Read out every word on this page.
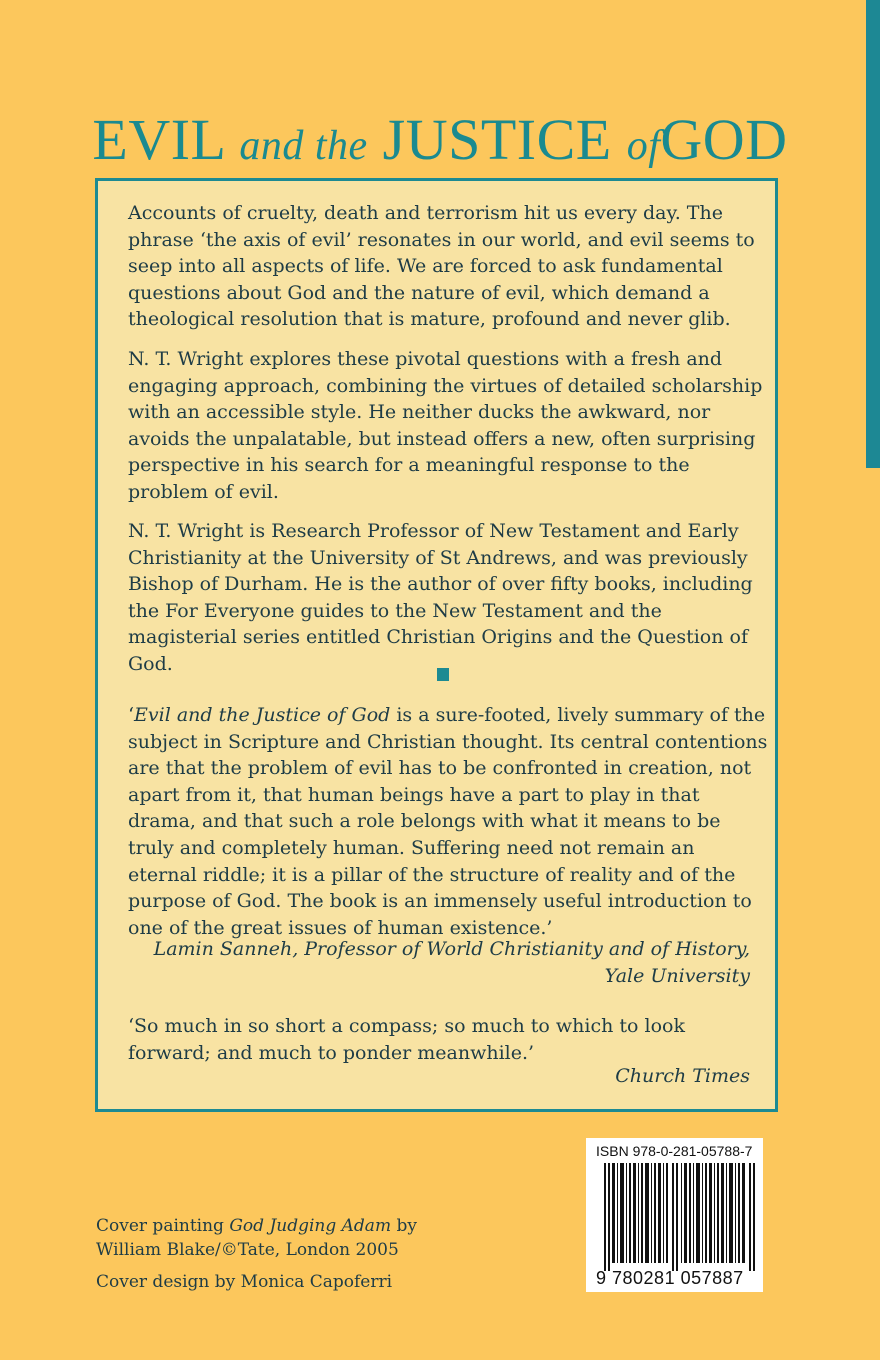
EVIL and the JUSTICE ofGOD

Accounts of cruelty, death and terrorism hit us every day. The phrase ‘the axis of evil’ resonates in our world, and evil seems to seep into all aspects of life. We are forced to ask fundamental questions about God and the nature of evil, which demand a theological resolution that is mature, profound and never glib.

N. T. Wright explores these pivotal questions with a fresh and engaging approach, combining the virtues of detailed scholarship with an accessible style. He neither ducks the awkward, nor avoids the unpalatable, but instead offers a new, often surprising perspective in his search for a meaningful response to the problem of evil.

N. T. Wright is Research Professor of New Testament and Early Christianity at the University of St Andrews, and was previously Bishop of Durham. He is the author of over fifty books, including the For Everyone guides to the New Testament and the magisterial series entitled Christian Origins and the Question of God.

‘Evil and the Justice of God is a sure-footed, lively summary of the subject in Scripture and Christian thought. Its central contentions are that the problem of evil has to be confronted in creation, not apart from it, that human beings have a part to play in that drama, and that such a role belongs with what it means to be truly and completely human. Suffering need not remain an eternal riddle; it is a pillar of the structure of reality and of the purpose of God. The book is an immensely useful introduction to one of the great issues of human existence.’

Lamin Sanneh, Professor of World Christianity and of History,
Yale University

‘So much in so short a compass; so much to which to look forward; and much to ponder meanwhile.’

Church Times
ISBN 978-0-281-05788-7
9 780281 057887
Cover painting God Judging Adam by
William Blake/©Tate, London 2005
Cover design by Monica Capoferri
